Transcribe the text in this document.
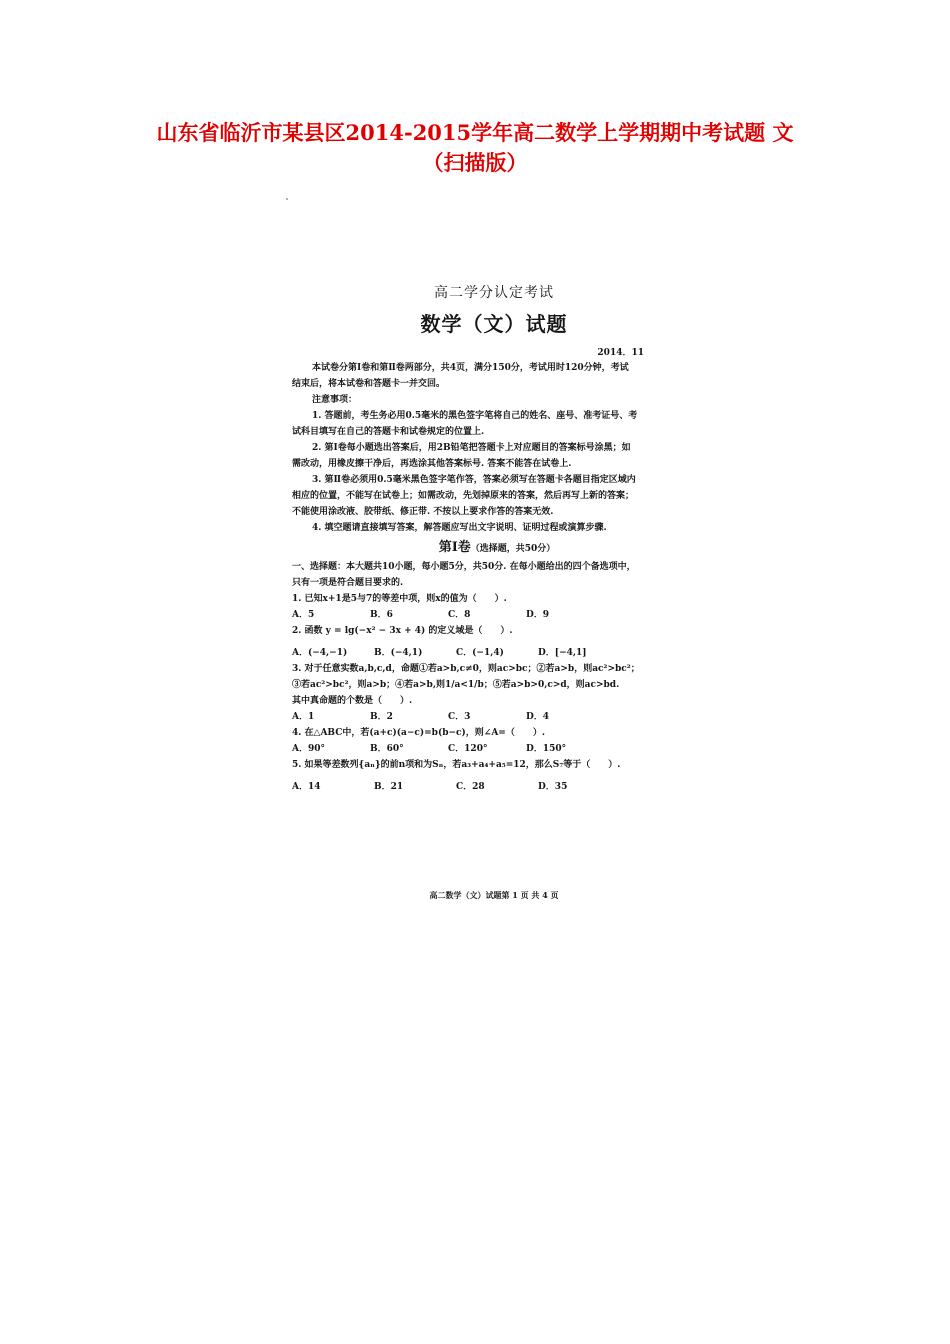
山东省临沂市某县区2014-2015学年高二数学上学期期中考试题 文
（扫描版）
高二学分认定考试
数学（文）试题
2014．11

本试卷分第Ⅰ卷和第Ⅱ卷两部分，共4页，满分150分，考试用时120分钟，考试

结束后，将本试卷和答题卡一并交回。

注意事项：

1. 答题前，考生务必用0.5毫米的黑色签字笔将自己的姓名、座号、准考证号、考

试科目填写在自己的答题卡和试卷规定的位置上.

2. 第Ⅰ卷每小题选出答案后，用2B铅笔把答题卡上对应题目的答案标号涂黑；如

需改动，用橡皮擦干净后，再选涂其他答案标号. 答案不能答在试卷上.

3. 第Ⅱ卷必须用0.5毫米黑色签字笔作答，答案必须写在答题卡各题目指定区域内

相应的位置，不能写在试卷上；如需改动，先划掉原来的答案，然后再写上新的答案；

不能使用涂改液、胶带纸、修正带. 不按以上要求作答的答案无效.

4. 填空题请直接填写答案，解答题应写出文字说明、证明过程或演算步骤.

第Ⅰ卷（选择题，共50分）

一、选择题：本大题共10小题，每小题5分，共50分. 在每小题给出的四个备选项中，

只有一项是符合题目要求的.

1. 已知x+1是5与7的等差中项，则x的值为（　　）.

A．5	B．6	C．8	D．9

2. 函数 y = lg(−x² − 3x + 4) 的定义域是（　　）.

A．(−4,−1)	B．(−4,1)	C．(−1,4)	D．[−4,1]

3. 对于任意实数a,b,c,d，命题①若a>b,c≠0，则ac>bc；②若a>b，则ac²>bc²；

③若ac²>bc²，则a>b；④若a>b,则1/a<1/b；⑤若a>b>0,c>d，则ac>bd.

其中真命题的个数是（　　）.

A．1	B．2	C．3	D．4

4. 在△ABC中，若(a+c)(a−c)=b(b−c)，则∠A=（　　）.

A．90°	B．60°	C．120°	D．150°

5. 如果等差数列{aₙ}的前n项和为Sₙ，若a₃+a₄+a₅=12，那么S₇等于（　　）.

A．14	B．21	C．28	D．35
高二数学（文）试题第 1 页 共 4 页
